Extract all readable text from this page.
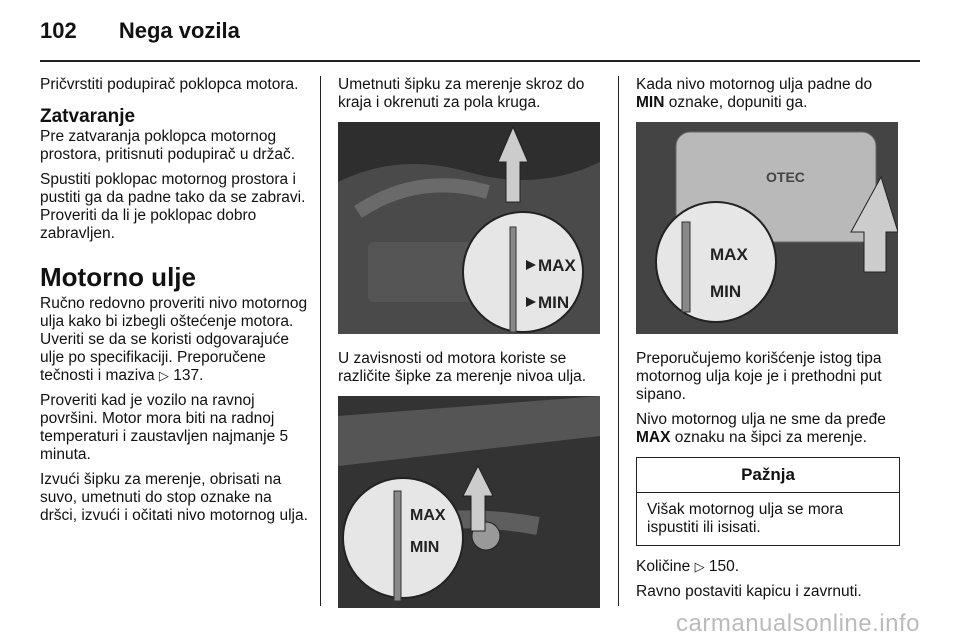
102 Nega vozila

Pričvrstiti podupirač poklopca motora.

Zatvaranje

Pre zatvaranja poklopca motornog prostora, pritisnuti podupirač u držač.

Spustiti poklopac motornog prostora i pustiti ga da padne tako da se zabravi. Proveriti da li je poklopac dobro zabravljen.

Motorno ulje

Ručno redovno proveriti nivo motornog ulja kako bi izbegli oštećenje motora. Uveriti se da se koristi odgovarajuće ulje po specifikaciji. Preporučene tečnosti i maziva ▷ 137.

Proveriti kad je vozilo na ravnoj površini. Motor mora biti na radnoj temperaturi i zaustavljen najmanje 5 minuta.

Izvući šipku za merenje, obrisati na suvo, umetnuti do stop oznake na dršci, izvući i očitati nivo motornog ulja.

Umetnuti šipku za merenje skroz do kraja i okrenuti za pola kruga.

MAX
MIN

U zavisnosti od motora koriste se različite šipke za merenje nivoa ulja.

MAX
MIN

Kada nivo motornog ulja padne do MIN oznake, dopuniti ga.

OTEC
MAX
MIN

Preporučujemo korišćenje istog tipa motornog ulja koje je i prethodni put sipano.

Nivo motornog ulja ne sme da pređe MAX oznaku na šipci za merenje.

Pažnja
Višak motornog ulja se mora ispustiti ili isisati.

Količine ▷ 150.

Ravno postaviti kapicu i zavrnuti.

carmanualsonline.info
